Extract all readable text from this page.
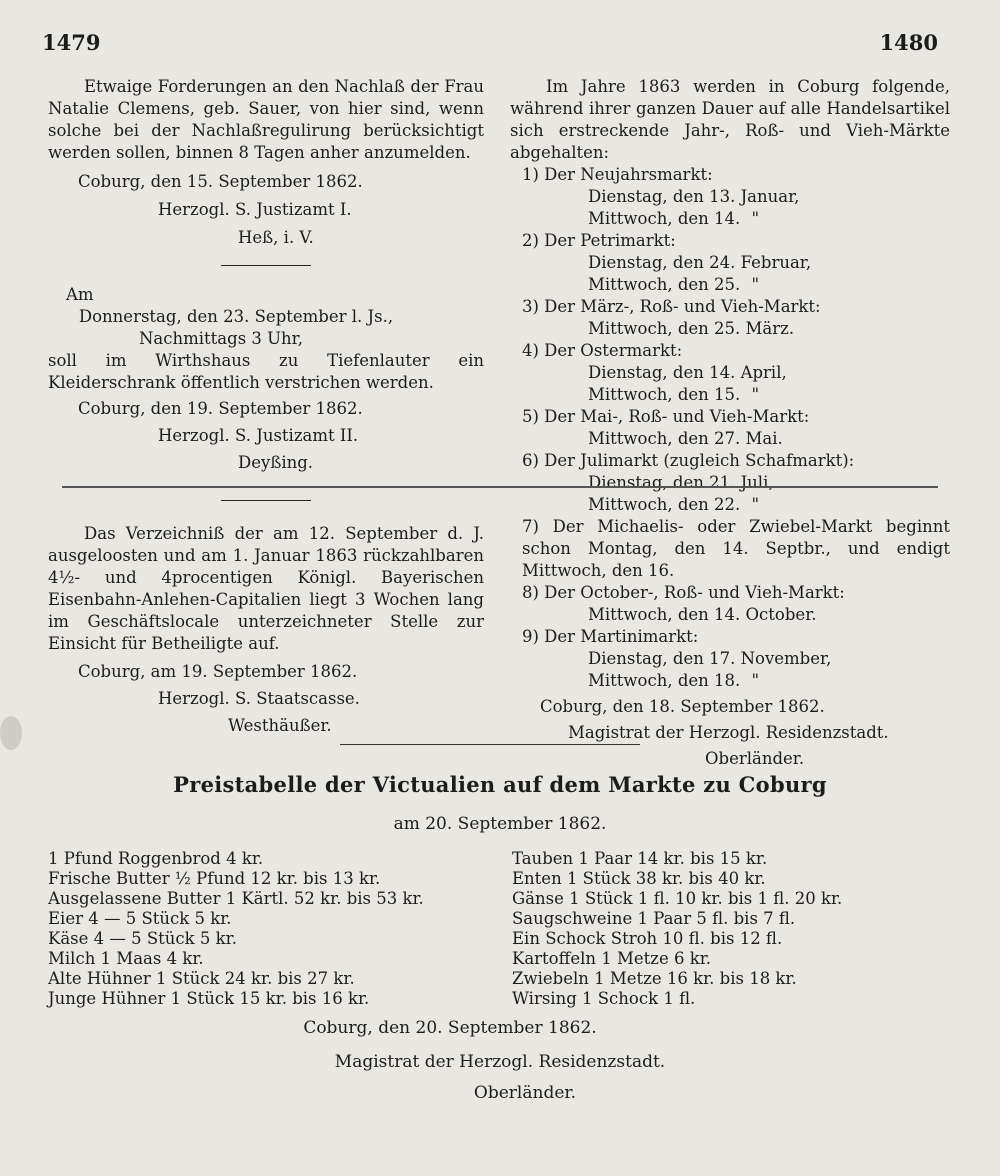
1479	1480

Etwaige Forderungen an den Nachlaß der Frau Natalie Clemens, geb. Sauer, von hier sind, wenn solche bei der Nachlaßregulirung berücksichtigt werden sollen, binnen 8 Tagen anher anzumelden.

Coburg, den 15. September 1862.
Herzogl. S. Justizamt I.
Heß, i. V.
Am
Donnerstag, den 23. September l. Js.,
Nachmittags 3 Uhr,

soll im Wirthshaus zu Tiefenlauter ein Kleiderschrank öffentlich verstrichen werden.

Coburg, den 19. September 1862.
Herzogl. S. Justizamt II.
Deyßing.

Das Verzeichniß der am 12. September d. J. ausgeloosten und am 1. Januar 1863 rückzahlbaren 4½- und 4procentigen Königl. Bayerischen Eisenbahn-Anlehen-Capitalien liegt 3 Wochen lang im Geschäftslocale unterzeichneter Stelle zur Einsicht für Betheiligte auf.

Coburg, am 19. September 1862.
Herzogl. S. Staatscasse.
Westhäußer.

Im Jahre 1863 werden in Coburg folgende, während ihrer ganzen Dauer auf alle Handelsartikel sich erstreckende Jahr-, Roß- und Vieh-Märkte abgehalten:

1) Der Neujahrsmarkt:
Dienstag, den 13. Januar,
Mittwoch, den 14. "
2) Der Petrimarkt:
Dienstag, den 24. Februar,
Mittwoch, den 25. "
3) Der März-, Roß- und Vieh-Markt:
Mittwoch, den 25. März.
4) Der Ostermarkt:
Dienstag, den 14. April,
Mittwoch, den 15. "
5) Der Mai-, Roß- und Vieh-Markt:
Mittwoch, den 27. Mai.
6) Der Julimarkt (zugleich Schafmarkt):
Dienstag, den 21. Juli,
Mittwoch, den 22. "
7) Der Michaelis- oder Zwiebel-Markt beginnt schon Montag, den 14. Septbr., und endigt Mittwoch, den 16.
8) Der October-, Roß- und Vieh-Markt:
Mittwoch, den 14. October.
9) Der Martinimarkt:
Dienstag, den 17. November,
Mittwoch, den 18. "
Coburg, den 18. September 1862.
Magistrat der Herzogl. Residenzstadt.
Oberländer.
Preistabelle der Victualien auf dem Markte zu Coburg
am 20. September 1862.
1 Pfund Roggenbrod 4 kr.
Frische Butter ½ Pfund 12 kr. bis 13 kr.
Ausgelassene Butter 1 Kärtl. 52 kr. bis 53 kr.
Eier 4 — 5 Stück 5 kr.
Käse 4 — 5 Stück 5 kr.
Milch 1 Maas 4 kr.
Alte Hühner 1 Stück 24 kr. bis 27 kr.
Junge Hühner 1 Stück 15 kr. bis 16 kr.
Tauben 1 Paar 14 kr. bis 15 kr.
Enten 1 Stück 38 kr. bis 40 kr.
Gänse 1 Stück 1 fl. 10 kr. bis 1 fl. 20 kr.
Saugschweine 1 Paar 5 fl. bis 7 fl.
Ein Schock Stroh 10 fl. bis 12 fl.
Kartoffeln 1 Metze 6 kr.
Zwiebeln 1 Metze 16 kr. bis 18 kr.
Wirsing 1 Schock 1 fl.
Coburg, den 20. September 1862.
Magistrat der Herzogl. Residenzstadt.
Oberländer.
